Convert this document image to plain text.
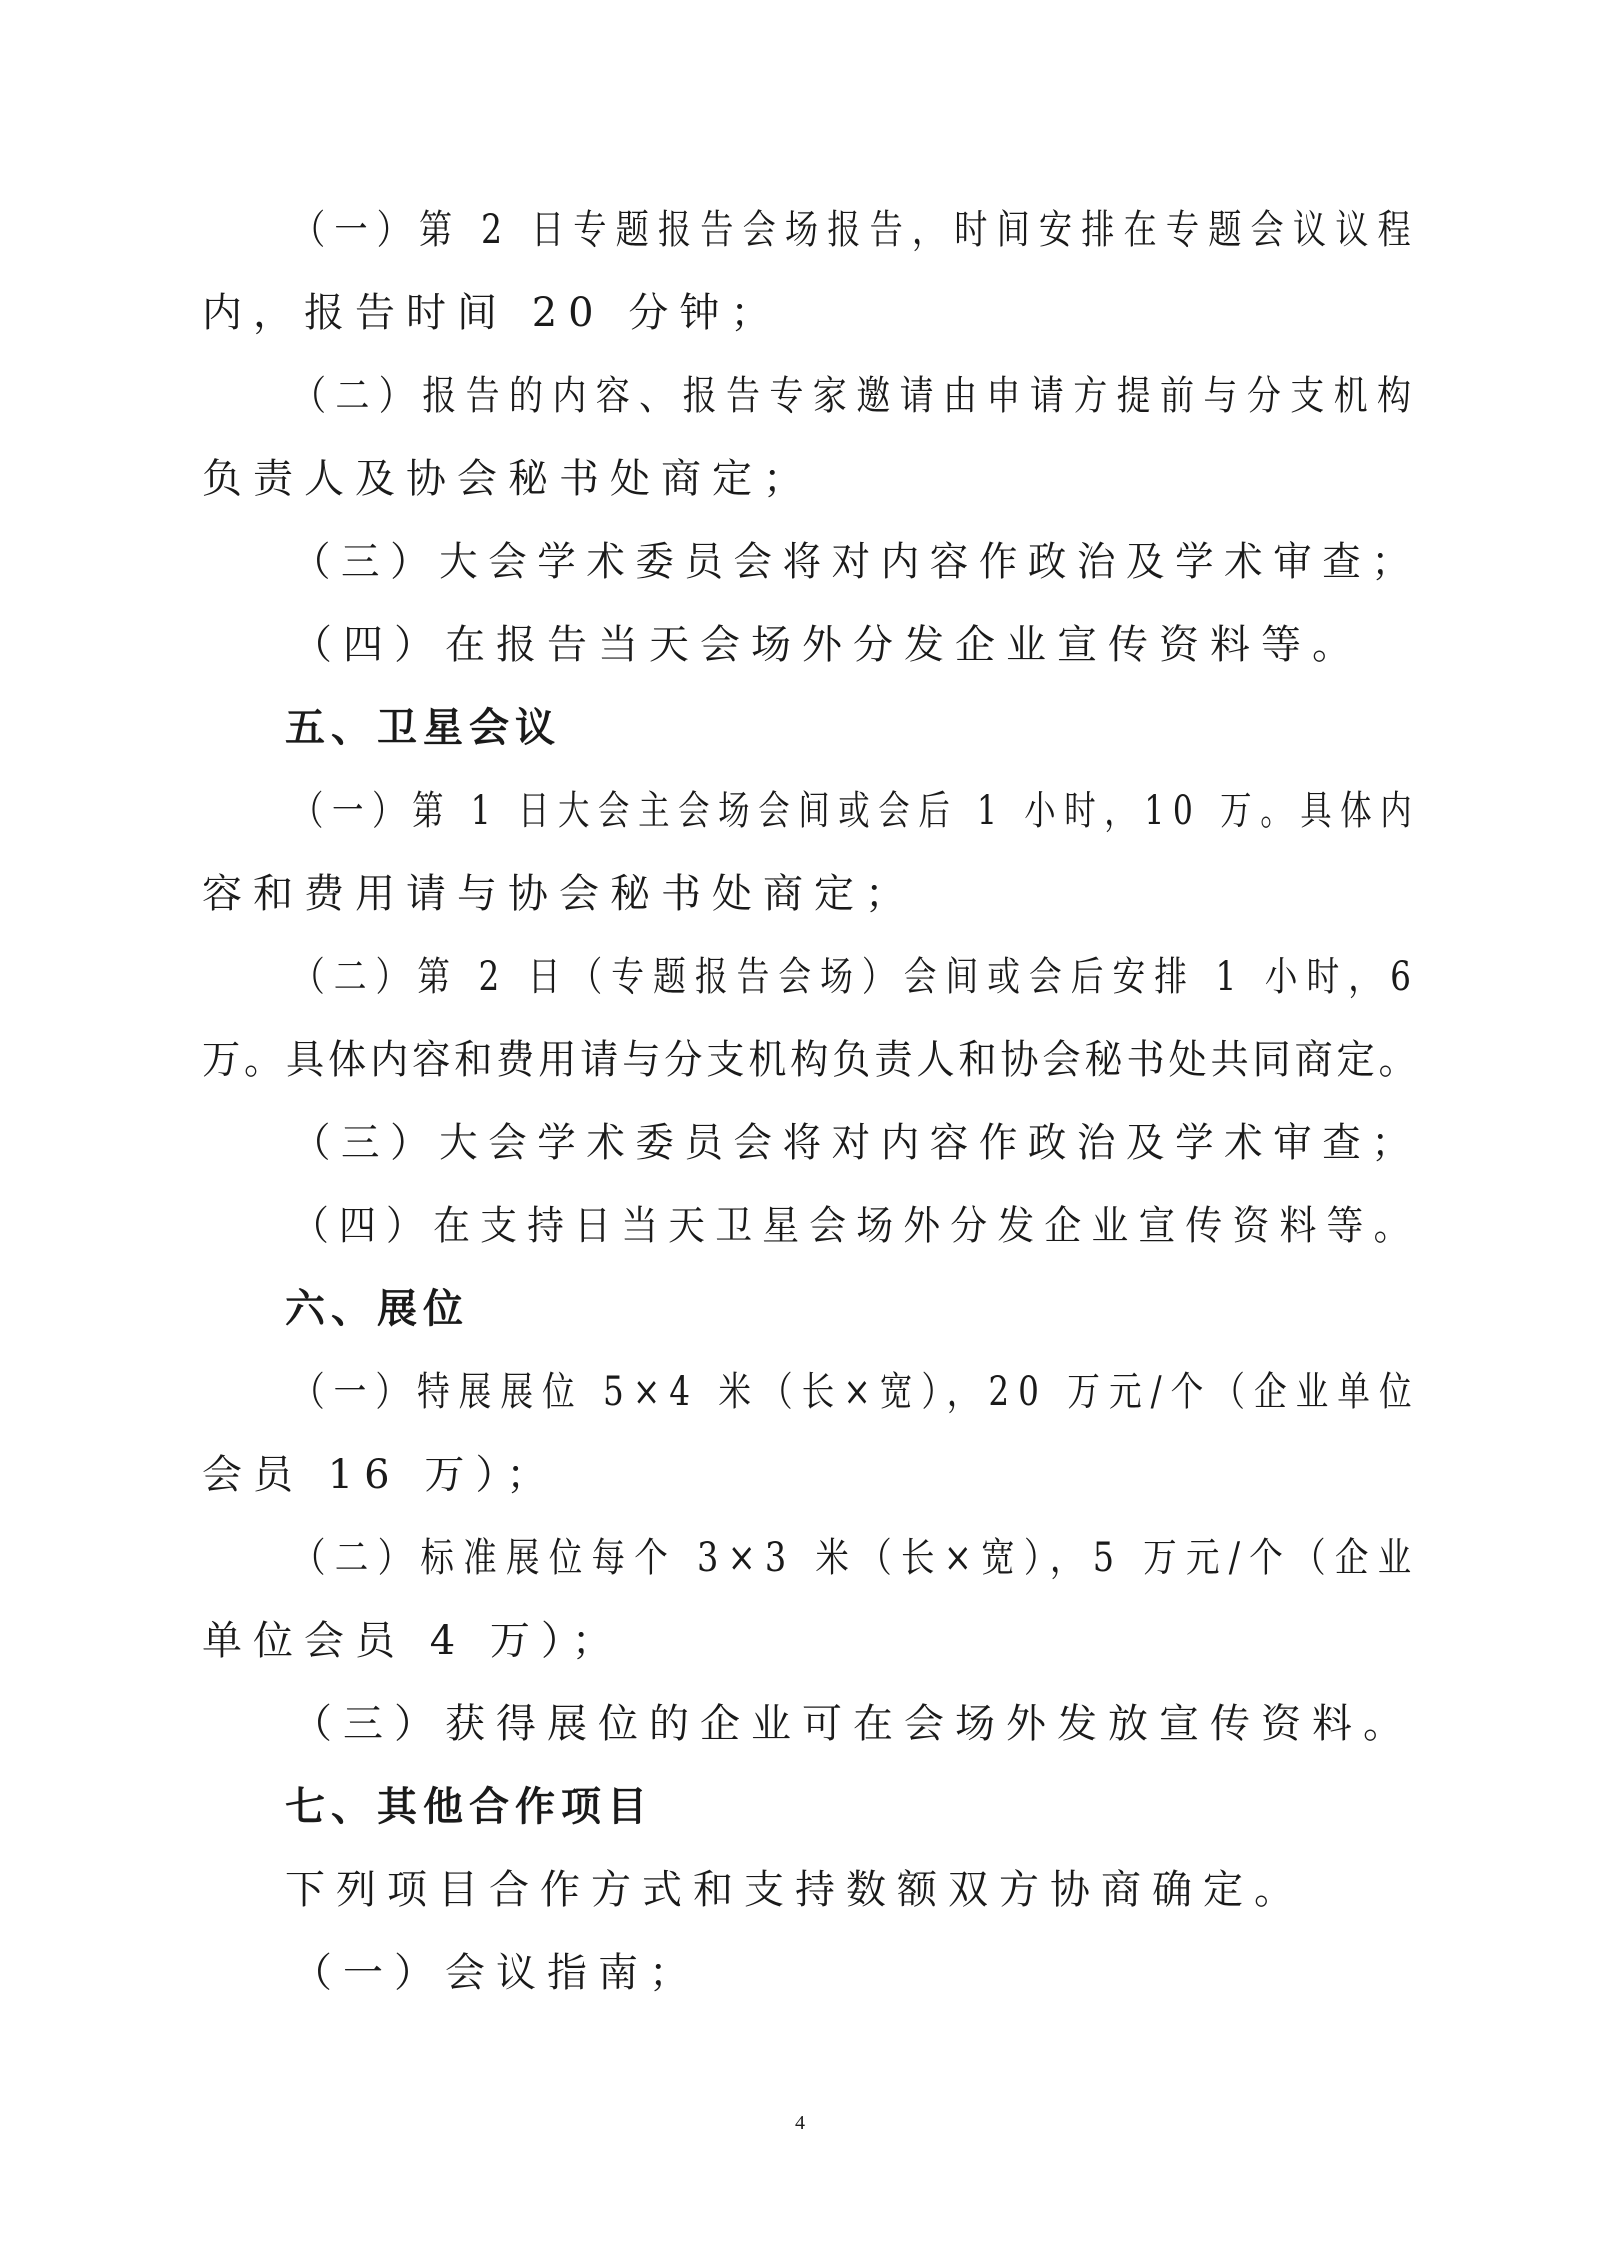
（一）第 2 日专题报告会场报告，时间安排在专题会议议程
内，报告时间 20 分钟；
（二）报告的内容、报告专家邀请由申请方提前与分支机构
负责人及协会秘书处商定；
（三）大会学术委员会将对内容作政治及学术审查；
（四）在报告当天会场外分发企业宣传资料等。
五、卫星会议
（一）第 1 日大会主会场会间或会后 1 小时，10 万。具体内
容和费用请与协会秘书处商定；
（二）第 2 日（专题报告会场）会间或会后安排 1 小时，6
万。具体内容和费用请与分支机构负责人和协会秘书处共同商定。
（三）大会学术委员会将对内容作政治及学术审查；
（四）在支持日当天卫星会场外分发企业宣传资料等。
六、展位
（一）特展展位 5×4 米（长×宽），20 万元/个（企业单位
会员 16 万）；
（二）标准展位每个 3×3 米（长×宽），5 万元/个（企业
单位会员 4 万）；
（三）获得展位的企业可在会场外发放宣传资料。
七、其他合作项目
下列项目合作方式和支持数额双方协商确定。
（一）会议指南；
4
